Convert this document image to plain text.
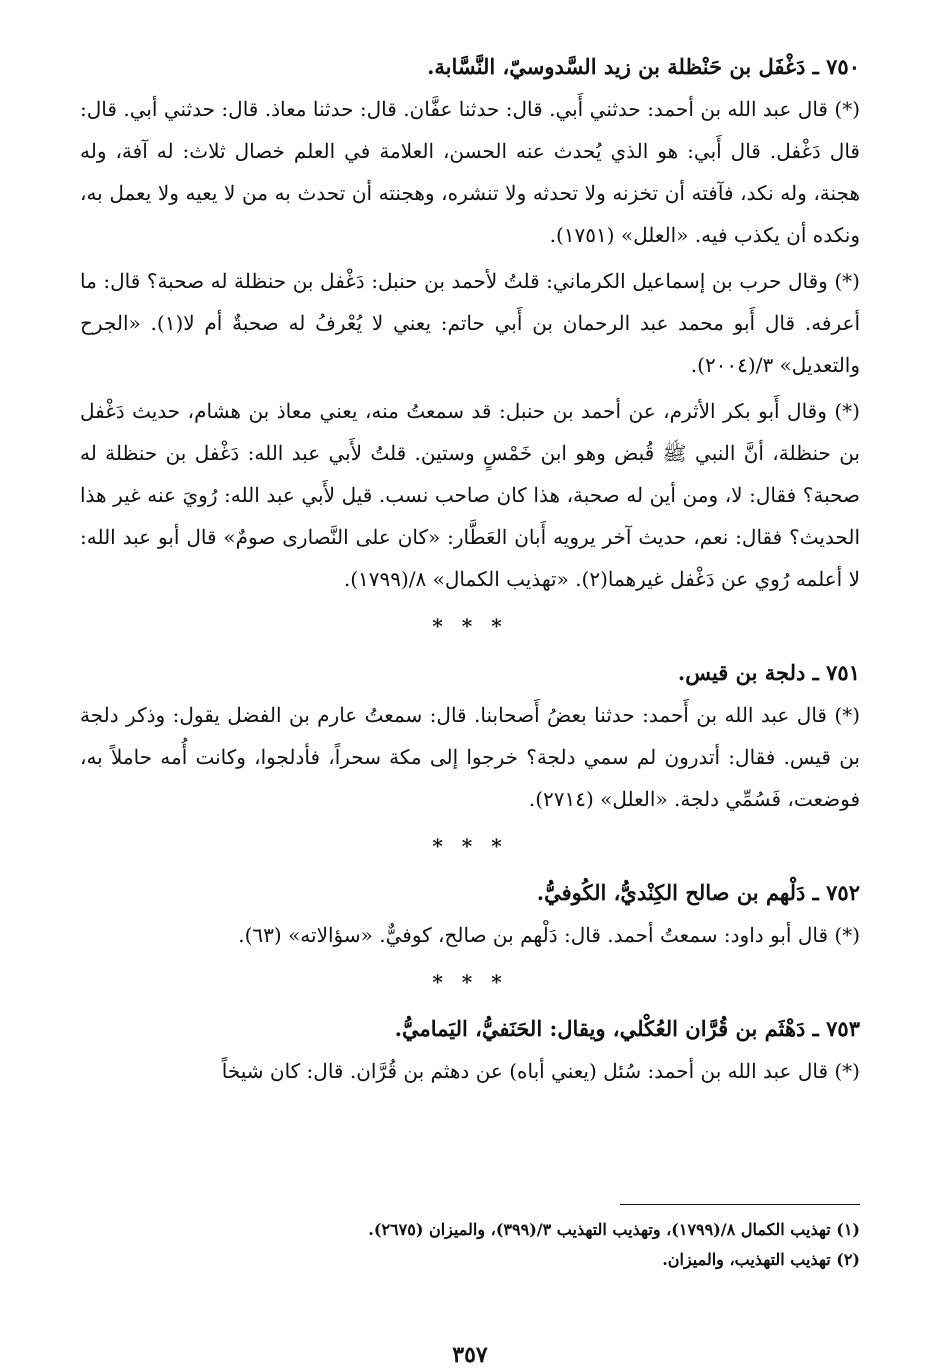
٧٥٠ ـ دَغْفَل بن حَنْظلة بن زيد السَّدوسيّ، النَّسَّابة.

(*) قال عبد الله بن أحمد: حدثني أَبي. قال: حدثنا عفَّان. قال: حدثنا معاذ. قال: حدثني أبي. قال: قال دَغْفل. قال أَبي: هو الذي يُحدث عنه الحسن، العلامة في العلم خصال ثلاث: له آفة، وله هجنة، وله نكد، فآفته أن تخزنه ولا تحدثه ولا تنشره، وهجنته أن تحدث به من لا يعيه ولا يعمل به، ونكده أن يكذب فيه. «العلل» (١٧٥١).

(*) وقال حرب بن إسماعيل الكرماني: قلتُ لأحمد بن حنبل: دَغْفل بن حنظلة له صحبة؟ قال: ما أعرفه. قال أَبو محمد عبد الرحمان بن أَبي حاتم: يعني لا يُعْرفُ له صحبةٌ أم لا(١). «الجرح والتعديل» ٣/(٢٠٠٤).

(*) وقال أَبو بكر الأثرم، عن أحمد بن حنبل: قد سمعتُ منه، يعني معاذ بن هشام، حديث دَغْفل بن حنظلة، أنَّ النبي ﷺ قُبض وهو ابن خَمْسٍ وستين. قلتُ لأَبي عبد الله: دَغْفل بن حنظلة له صحبة؟ فقال: لا، ومن أين له صحبة، هذا كان صاحب نسب. قيل لأَبي عبد الله: رُويَ عنه غير هذا الحديث؟ فقال: نعم، حديث آخر يرويه أَبان العَطَّار: «كان على النَّصارى صومٌ» قال أبو عبد الله: لا أعلمه رُوي عن دَغْفل غيرهما(٢). «تهذيب الكمال» ٨/(١٧٩٩).

* * *
٧٥١ ـ دلجة بن قيس.

(*) قال عبد الله بن أَحمد: حدثنا بعضُ أَصحابنا. قال: سمعتُ عارم بن الفضل يقول: وذكر دلجة بن قيس. فقال: أتدرون لم سمي دلجة؟ خرجوا إلى مكة سحراً، فأدلجوا، وكانت أُمه حاملاً به، فوضعت، فَسُمِّي دلجة. «العلل» (٢٧١٤).

* * *
٧٥٢ ـ دَلْهم بن صالح الكِنْديُّ، الكُوفيُّ.

(*) قال أبو داود: سمعتُ أحمد. قال: دَلْهم بن صالح، كوفيٌّ. «سؤالاته» (٦٣).

* * *
٧٥٣ ـ دَهْثَم بن قُرَّان العُكْلي، ويقال: الحَنَفيُّ، اليَماميُّ.

(*) قال عبد الله بن أحمد: سُئل (يعني أباه) عن دهثم بن قُرَّان. قال: كان شيخاً

(١) تهذيب الكمال ٨/(١٧٩٩)، وتهذيب التهذيب ٣/(٣٩٩)، والميزان (٢٦٧٥).
(٢) تهذيب التهذيب، والميزان.
٣٥٧
